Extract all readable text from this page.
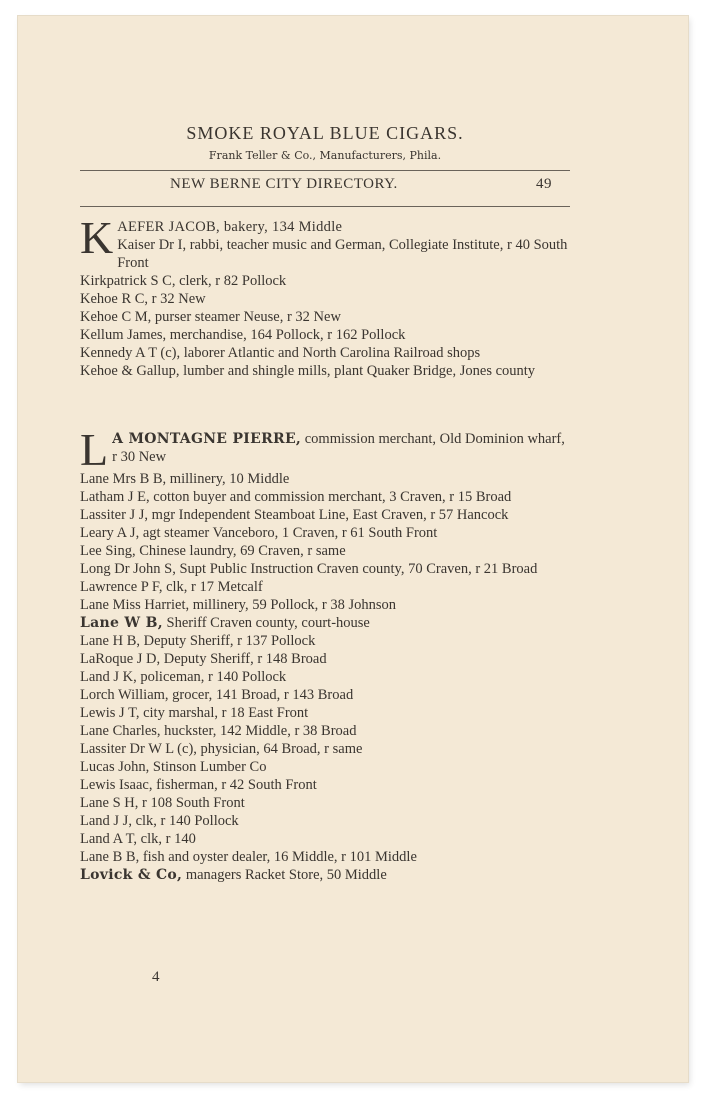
SMOKE ROYAL BLUE CIGARS.
Frank Teller & Co., Manufacturers, Phila.
NEW BERNE CITY DIRECTORY.	49
K AEFER JACOB, bakery, 134 Middle

Kaiser Dr I, rabbi, teacher music and German, Collegiate Institute, r 40 South Front

Kirkpatrick S C, clerk, r 82 Pollock

Kehoe R C, r 32 New

Kehoe C M, purser steamer Neuse, r 32 New

Kellum James, merchandise, 164 Pollock, r 162 Pollock

Kennedy A T (c), laborer Atlantic and North Carolina Railroad shops

Kehoe & Gallup, lumber and shingle mills, plant Quaker Bridge, Jones county

L A MONTAGNE PIERRE, commission merchant, Old Dominion wharf, r 30 New

Lane Mrs B B, millinery, 10 Middle

Latham J E, cotton buyer and commission merchant, 3 Craven, r 15 Broad

Lassiter J J, mgr Independent Steamboat Line, East Craven, r 57 Hancock

Leary A J, agt steamer Vanceboro, 1 Craven, r 61 South Front

Lee Sing, Chinese laundry, 69 Craven, r same

Long Dr John S, Supt Public Instruction Craven county, 70 Craven, r 21 Broad

Lawrence P F, clk, r 17 Metcalf

Lane Miss Harriet, millinery, 59 Pollock, r 38 Johnson

Lane W B, Sheriff Craven county, court-house

Lane H B, Deputy Sheriff, r 137 Pollock

LaRoque J D, Deputy Sheriff, r 148 Broad

Land J K, policeman, r 140 Pollock

Lorch William, grocer, 141 Broad, r 143 Broad

Lewis J T, city marshal, r 18 East Front

Lane Charles, huckster, 142 Middle, r 38 Broad

Lassiter Dr W L (c), physician, 64 Broad, r same

Lucas John, Stinson Lumber Co

Lewis Isaac, fisherman, r 42 South Front

Lane S H, r 108 South Front

Land J J, clk, r 140 Pollock

Land A T, clk, r 140

Lane B B, fish and oyster dealer, 16 Middle, r 101 Middle

Lovick & Co, managers Racket Store, 50 Middle

4
